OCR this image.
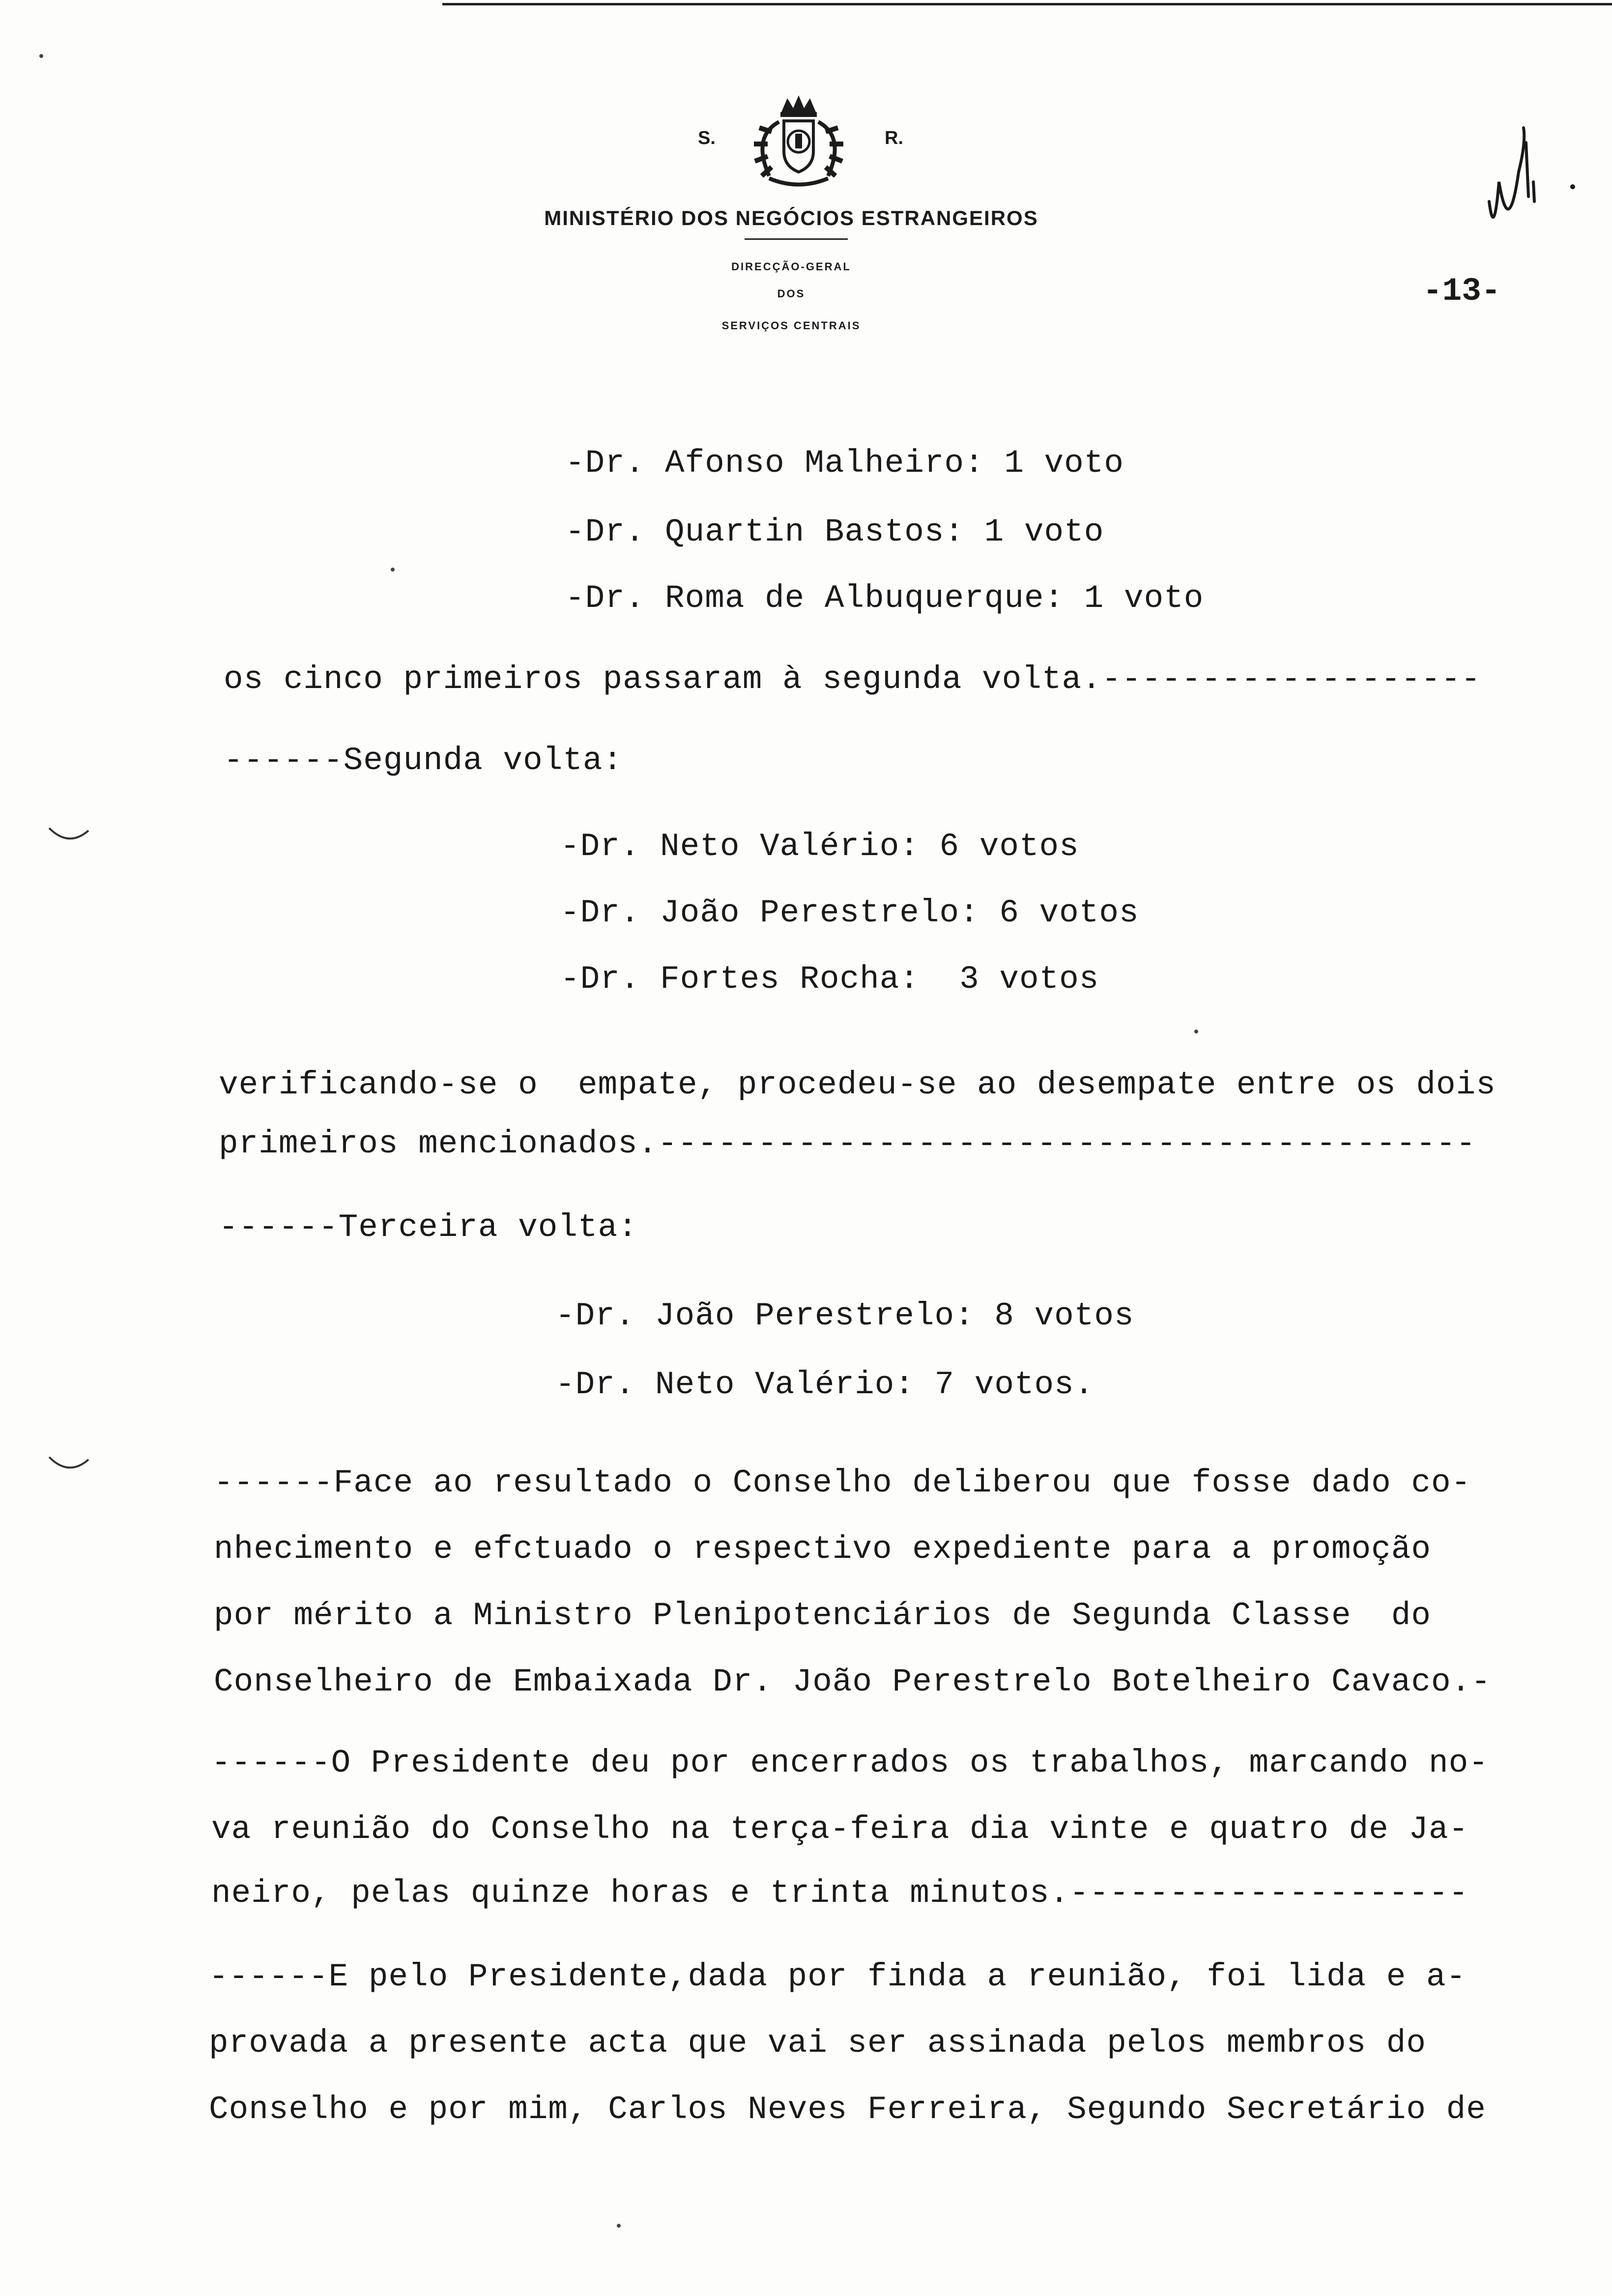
S.	R.
MINISTÉRIO DOS NEGÓCIOS ESTRANGEIROS
DIRECÇÃO-GERAL
DOS
SERVIÇOS CENTRAIS
-13-
-Dr. Afonso Malheiro: 1 voto
-Dr. Quartin Bastos: 1 voto
-Dr. Roma de Albuquerque: 1 voto
os cinco primeiros passaram à segunda volta.-------------------
------Segunda volta:
-Dr. Neto Valério: 6 votos
-Dr. João Perestrelo: 6 votos
-Dr. Fortes Rocha:  3 votos
verificando-se o  empate, procedeu-se ao desempate entre os dois
primeiros mencionados.-----------------------------------------
------Terceira volta:
-Dr. João Perestrelo: 8 votos
-Dr. Neto Valério: 7 votos.
------Face ao resultado o Conselho deliberou que fosse dado co-
nhecimento e efctuado o respectivo expediente para a promoção
por mérito a Ministro Plenipotenciários de Segunda Classe  do
Conselheiro de Embaixada Dr. João Perestrelo Botelheiro Cavaco.-
------O Presidente deu por encerrados os trabalhos, marcando no-
va reunião do Conselho na terça-feira dia vinte e quatro de Ja-
neiro, pelas quinze horas e trinta minutos.--------------------
------E pelo Presidente,dada por finda a reunião, foi lida e a-
provada a presente acta que vai ser assinada pelos membros do
Conselho e por mim, Carlos Neves Ferreira, Segundo Secretário de
